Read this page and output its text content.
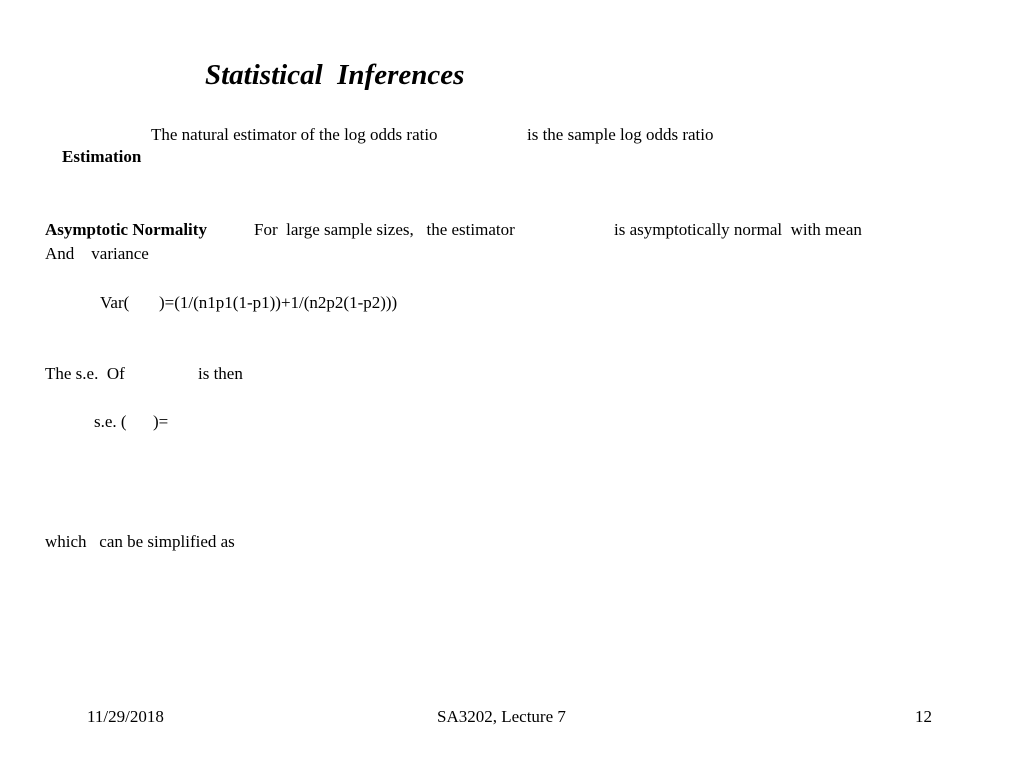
Statistical  Inferences

Estimation

The natural estimator of the log odds ratio	is the sample log odds ratio
Asymptotic Normality	For  large sample sizes,   the estimator	is asymptotically normal  with mean
And    variance
Var( )=(1/(n1p1(1-p1))+1/(n2p2(1-p2)))
The s.e.  Of	is then
s.e. ( )=
which   can be simplified as
11/29/2018	SA3202, Lecture 7	12
